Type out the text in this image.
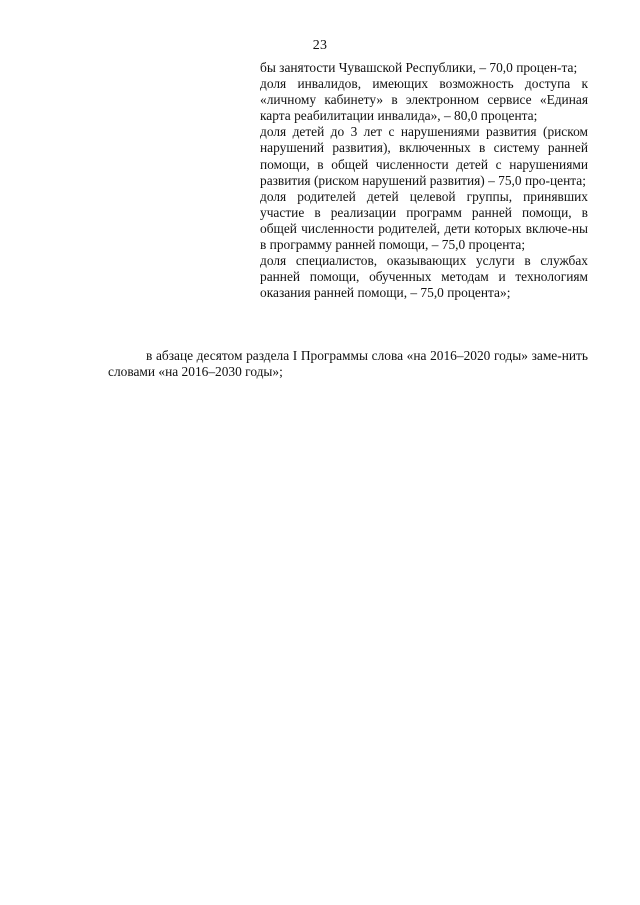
23

бы занятости Чувашской Республики, – 70,0 процен-та;

доля инвалидов, имеющих возможность доступа к «личному кабинету» в электронном сервисе «Единая карта реабилитации инвалида», – 80,0 процента;

доля детей до 3 лет с нарушениями развития (риском нарушений развития), включенных в систему ранней помощи, в общей численности детей с нарушениями развития (риском нарушений развития) – 75,0 про-цента;

доля родителей детей целевой группы, принявших участие в реализации программ ранней помощи, в общей численности родителей, дети которых включе-ны в программу ранней помощи, – 75,0 процента;

доля специалистов, оказывающих услуги в службах ранней помощи, обученных методам и технологиям оказания ранней помощи, – 75,0 процента»;

в абзаце десятом раздела I Программы слова «на 2016–2020 годы» заме-нить словами «на 2016–2030 годы»;
